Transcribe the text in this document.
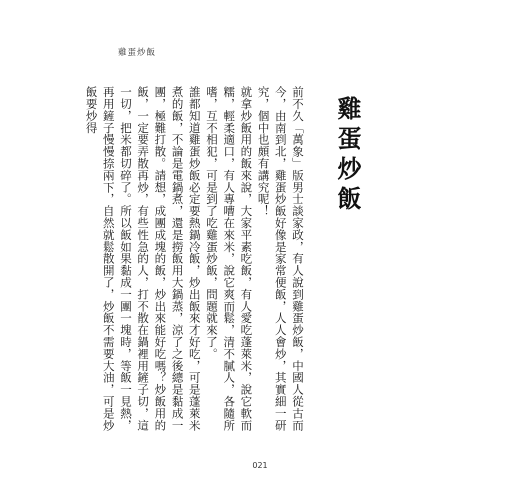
雞蛋炒飯
雞蛋炒飯

前不久「萬象」版男士談家政，有人說到雞蛋炒飯，中國人從古而今，由南到北，雞蛋炒飯好像是家常便飯，人人會炒，其實細一研究，個中也頗有講究呢！

就拿炒飯用的飯來說，大家平素吃飯，有人愛吃蓬萊米，說它軟而糯，輕柔適口，有人專嘈在來米，說它爽而鬆，清不膩人，各隨所嗜，互不相犯，可是到了吃雞蛋炒飯，問題就來了。

誰都知道雞蛋炒飯必定要熱鍋冷飯，炒出飯來才好吃，可是蓬萊米煮的飯，不論是電鍋煮，還是撈飯用大鍋蒸，涼了之後總是黏成一團，極難打散。請想，成團成塊的飯，炒出來能好吃嗎？炒飯用的飯，一定要弄散再炒，有些性急的人，打不散在鍋裡用鏟子切，這一切，把米都切碎了。所以飯如果黏成一團一塊時，等飯一見熱，再用鏟子慢慢捺兩下，自然就鬆散開了，炒飯不需要大油，可是炒飯要炒得

021
